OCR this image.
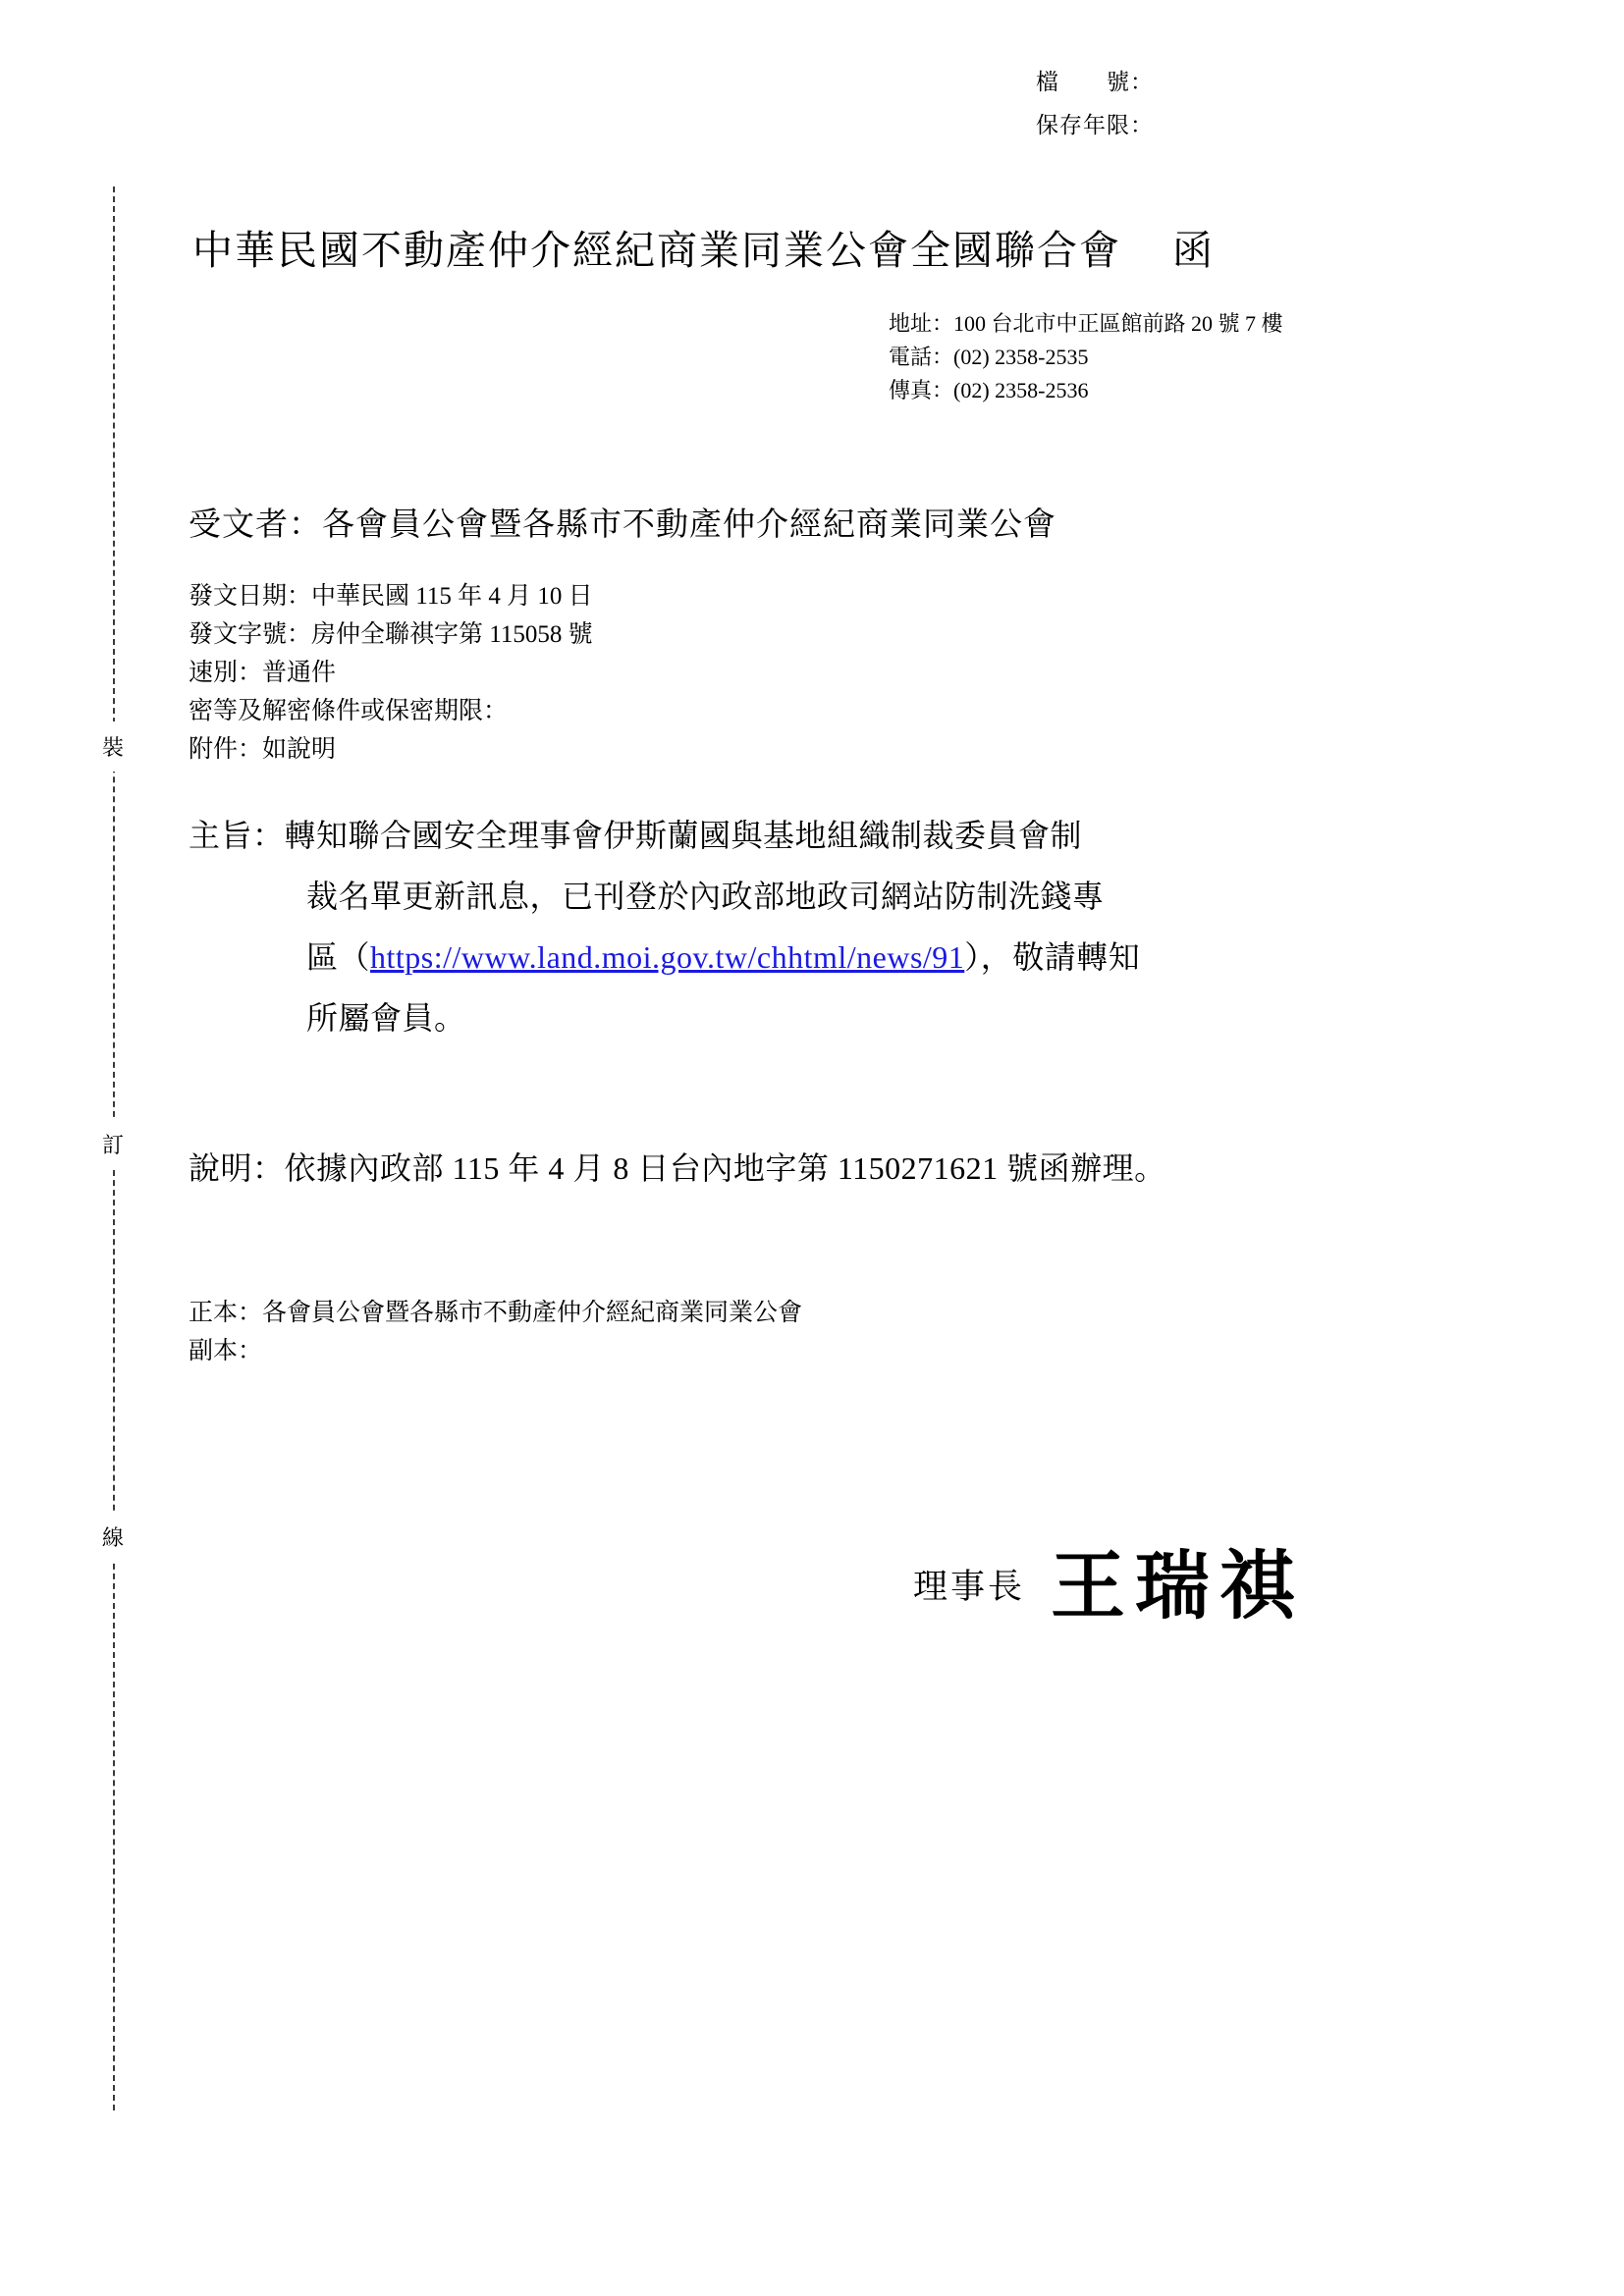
檔　　號：
保存年限：
裝
訂
線
中華民國不動產仲介經紀商業同業公會全國聯合會 函
地址：100 台北市中正區館前路 20 號 7 樓
電話：(02) 2358-2535
傳真：(02) 2358-2536
受文者：各會員公會暨各縣市不動產仲介經紀商業同業公會
發文日期：中華民國 115 年 4 月 10 日
發文字號：房仲全聯祺字第 115058 號
速別：普通件
密等及解密條件或保密期限：
附件：如說明
主旨：轉知聯合國安全理事會伊斯蘭國與基地組織制裁委員會制
裁名單更新訊息，已刊登於內政部地政司網站防制洗錢專
區（https://www.land.moi.gov.tw/chhtml/news/91），敬請轉知
所屬會員。
說明：依據內政部 115 年 4 月 8 日台內地字第 1150271621 號函辦理。
正本：各會員公會暨各縣市不動產仲介經紀商業同業公會
副本：
理事長 王瑞祺
